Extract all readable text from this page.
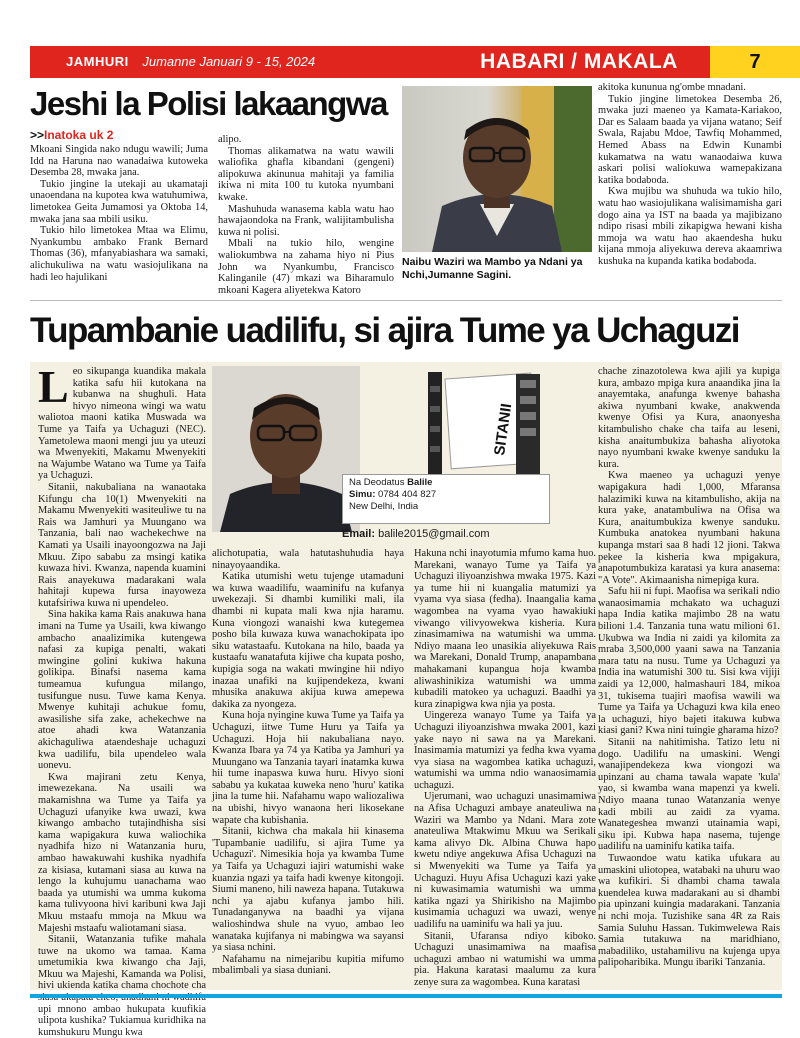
JAMHURI Jumanne Januari 9 - 15, 2024	HABARI / MAKALA	7
Jeshi la Polisi lakaangwa
>>Inatoka uk 2

Mkoani Singida nako ndugu wawili; Juma Idd na Haruna nao wanadaiwa kutoweka Desemba 28, mwaka jana.

Tukio jingine la utekaji au ukamataji unaoendana na kupotea kwa watuhumiwa, limetokea Geita Jumamosi ya Oktoba 14, mwaka jana saa mbili usiku.

Tukio hilo limetokea Mtaa wa Elimu, Nyankumbu ambako Frank Bernard Thomas (36), mfanyabiashara wa samaki, alichukuliwa na watu wasiojulikana na hadi leo hajulikani

alipo.

Thomas alikamatwa na watu wawili waliofika ghafla kibandani (gengeni) alipokuwa akinunua mahitaji ya familia ikiwa ni mita 100 tu kutoka nyumbani kwake.

Mashuhuda wanasema kabla watu hao hawajaondoka na Frank, walijitambulisha kuwa ni polisi.

Mbali na tukio hilo, wengine waliokumbwa na zahama hiyo ni Pius John wa Nyankumbu, Francisco Kalinganile (47) mkazi wa Biharamulo mkoani Kagera aliyetekwa Katoro

Naibu Waziri wa Mambo ya Ndani ya Nchi,Jumanne Sagini.

akitoka kununua ng'ombe mnadani.

Tukio jingine limetokea Desemba 26, mwaka juzi maeneo ya Kamata-Kariakoo, Dar es Salaam baada ya vijana watano; Seif Swala, Rajabu Mdoe, Tawfiq Mohammed, Hemed Abass na Edwin Kunambi kukamatwa na watu wanaodaiwa kuwa askari polisi waliokuwa wamepakizana katika bodaboda.

Kwa mujibu wa shuhuda wa tukio hilo, watu hao wasiojulikana walisimamisha gari dogo aina ya IST na baada ya majibizano ndipo risasi mbili zikapigwa hewani kisha mmoja wa watu hao akaendesha huku kijana mmoja aliyekuwa dereva akaamriwa kushuka na kupanda katika bodaboda.

Tupambanie uadilifu, si ajira Tume ya Uchaguzi

Leo sikupanga kuandika makala katika safu hii kutokana na kubanwa na shughuli. Hata hivyo nimeona wingi wa watu waliotoa maoni katika Muswada wa Tume ya Taifa ya Uchaguzi (NEC). Yametolewa maoni mengi juu ya uteuzi wa Mwenyekiti, Makamu Mwenyekiti na Wajumbe Watano wa Tume ya Taifa ya Uchaguzi.

Sitanii, nakubaliana na wanaotaka Kifungu cha 10(1) Mwenyekiti na Makamu Mwenyekiti wasiteuliwe tu na Rais wa Jamhuri ya Muungano wa Tanzania, bali nao wachekechwe na Kamati ya Usaili inayoongozwa na Jaji Mkuu. Zipo sababu za msingi katika kuwaza hivi. Kwanza, napenda kuamini Rais anayekuwa madarakani wala hahitaji kupewa fursa inayoweza kutafsiriwa kuwa ni upendeleo.

Sina hakika kama Rais anakuwa hana imani na Tume ya Usaili, kwa kiwango ambacho anaalizimika kutengewa nafasi za kupiga penalti, wakati mwingine golini kukiwa hakuna golikipa. Binafsi nasema kama tumeamua kufungua milango, tusifungue nusu. Tuwe kama Kenya. Mwenye kuhitaji achukue fomu, awasilishe sifa zake, achekechwe na atoe ahadi kwa Watanzania akichaguliwa ataendeshaje uchaguzi kwa uadilifu, bila upendeleo wala uonevu.

Kwa majirani zetu Kenya, imewezekana. Na usaili wa makamishna wa Tume ya Taifa ya Uchaguzi ufanyike kwa uwazi, kwa kiwango ambacho tutajindhisha sisi kama wapigakura kuwa waliochika nyadhifa hizo ni Watanzania huru, ambao hawakuwahi kushika nyadhifa za kisiasa, kutamani siasa au kuwa na lengo la kuhujumu uanachama wao baada ya utumishi wa umma kukoma kama tulivyoona hivi karibuni kwa Jaji Mkuu mstaafu mmoja na Mkuu wa Majeshi mstaafu waliotamani siasa.

Sitanii, Watanzania tufike mahala tuwe na ukomo wa tamaa. Kama umetumikia kwa kiwango cha Jaji, Mkuu wa Majeshi, Kamanda wa Polisi, hivi ukienda katika chama chochote cha upi mnono ambao hukupata kuufikia ulipota kushika? Tukiamua kuridhika na kumshukuru Mungu kwa

SITANII
Na Deodatus Balile
Simu: 0784 404 827
New Delhi, India
Email: balile2015@gmail.com

alichotupatia, wala hatutashuhudia haya ninayoyaandika.

Katika utumishi wetu tujenge utamaduni wa kuwa waadilifu, waaminifu na kufanya uwekezaji. Si dhambi kumiliki mali, ila dhambi ni kupata mali kwa njia haramu. Kuna viongozi wanaishi kwa kutegemea posho bila kuwaza kuwa wanachokipata ipo siku watastaafu. Kutokana na hilo, baada ya kustaafu wanatafuta kijiwe cha kupata posho, kupigia soga na wakati mwingine hii ndiyo inazaa unafiki na kujipendekeza, kwani mhusika anakuwa akijua kuwa amepewa dakika za nyongeza.

Kuna hoja nyingine kuwa Tume ya Taifa ya Uchaguzi, iitwe Tume Huru ya Taifa ya Uchaguzi. Hoja hii nakubaliana nayo. Kwanza Ibara ya 74 ya Katiba ya Jamhuri ya Muungano wa Tanzania tayari inatamka kuwa hii tume inapaswa kuwa huru. Hivyo sioni sababu ya kukataa kuweka neno 'huru' katika jina la tume hii. Nafahamu wapo waliozaliwa na ubishi, hivyo wanaona heri likosekane wapate cha kubishania.

Sitanii, kichwa cha makala hii kinasema 'Tupambanie uadilifu, si ajira Tume ya Uchaguzi'. Nimesikia hoja ya kwamba Tume ya Taifa ya Uchaguzi iajiri watumishi wake kuanzia ngazi ya taifa hadi kwenye kitongoji. Siumi maneno, hili naweza hapana. Tutakuwa nchi ya ajabu kufanya jambo hili. Tunadanganywa na baadhi ya vijana walioshindwa shule na vyuo, ambao leo wanataka kujifanya ni mabingwa wa sayansi ya siasa nchini.

Nafahamu na nimejaribu kupitia mifumo mbalimbali ya siasa duniani.

Hakuna nchi inayotumia mfumo kama huo. Marekani, wanayo Tume ya Taifa ya Uchaguzi iliyoanzishwa mwaka 1975. Kazi ya tume hii ni kuangalia matumizi ya vyama vya siasa (fedha). Inaangalia kama wagombea na vyama vyao hawakiuki viwango vilivyowekwa kisheria. Kura zinasimamiwa na watumishi wa umma. Ndiyo maana leo unasikia aliyekuwa Rais wa Marekani, Donald Trump, anapambana mahakamani kupangua hoja kwamba aliwashinikiza watumishi wa umma kubadili matokeo ya uchaguzi. Baadhi ya kura zinapigwa kwa njia ya posta.

Uingereza wanayo Tume ya Taifa ya Uchaguzi iliyoanzishwa mwaka 2001, kazi yake nayo ni sawa na ya Marekani. Inasimamia matumizi ya fedha kwa vyama vya siasa na wagombea katika uchaguzi, watumishi wa umma ndio wanaosimamia uchaguzi.

Ujerumani, wao uchaguzi unasimamiwa na Afisa Uchaguzi ambaye anateuliwa na Waziri wa Mambo ya Ndani. Mara zote anateuliwa Mtakwimu Mkuu wa Serikali kama alivyo Dk. Albina Chuwa hapo kwetu ndiye angekuwa Afisa Uchaguzi na si Mwenyekiti wa Tume ya Taifa ya Uchaguzi. Huyu Afisa Uchaguzi kazi yake ni kuwasimamia watumishi wa umma katika ngazi ya Shirikisho na Majimbo kusimamia uchaguzi wa uwazi, wenye uadilifu na uaminifu wa hali ya juu.

Sitanii, Ufaransa ndiyo kiboko. Uchaguzi unasimamiwa na maafisa uchaguzi ambao ni watumishi wa umma pia. Hakuna karatasi maalumu za kura zenye sura za wagombea. Kuna karatasi

chache zinazotolewa kwa ajili ya kupiga kura, ambazo mpiga kura anaandika jina la anayemtaka, anafunga kwenye bahasha akiwa nyumbani kwake, anakwenda kwenye Ofisi ya Kura, anaonyesha kitambulisho chake cha taifa au leseni, kisha anaitumbukiza bahasha aliyotoka nayo nyumbani kwake kwenye sanduku la kura.

Kwa maeneo ya uchaguzi yenye wapigakura hadi 1,000, Mfaransa halazimiki kuwa na kitambulisho, akija na kura yake, anatambuliwa na Ofisa wa Kura, anaitumbukiza kwenye sanduku. Kumbuka anatokea nyumbani hakuna kupanga mstari saa 8 hadi 12 jioni. Takwa pekee la kisheria kwa mpigakura, anapotumbukiza karatasi ya kura anasema: "A Vote". Akimaanisha nimepiga kura.

Safu hii ni fupi. Maofisa wa serikali ndio wanaosimamia mchakato wa uchaguzi hapa India katika majimbo 28 na watu bilioni 1.4. Tanzania tuna watu milioni 61. Ukubwa wa India ni zaidi ya kilomita za mraba 3,500,000 yaani sawa na Tanzania mara tatu na nusu. Tume ya Uchaguzi ya India ina watumishi 300 tu. Sisi kwa vijiji zaidi ya 12,000, halmashauri 184, mikoa 31, tukisema tuajiri maofisa wawili wa Tume ya Taifa ya Uchaguzi kwa kila eneo la uchaguzi, hiyo bajeti itakuwa kubwa kiasi gani? Kwa nini tuingie gharama hizo?

Sitanii na nahitimisha. Tatizo letu ni dogo. Uadilifu na umaskini. Wengi wanajipendekeza kwa viongozi wa upinzani au chama tawala wapate 'kula' yao, si kwamba wana mapenzi ya kweli. Ndiyo maana tunao Watanzania wenye kadi mbili au zaidi za vyama. Wanategeshea mwanzi utainamia wapi, siku ipi. Kubwa hapa nasema, tujenge uadilifu na uaminifu katika taifa.

Tuwaondoe watu katika ufukara au umaskini uliotopea, watabaki na uhuru wao wa kufikiri. Si dhambi chama tawala kuendelea kuwa madarakani au si dhambi pia upinzani kuingia madarakani. Tanzania ni nchi moja. Tuzishike sana 4R za Rais Samia Suluhu Hassan. Tukimwelewa Rais Samia tutakuwa na maridhiano, mabadiliko, ustahamilivu na kujenga upya palipoharibika. Mungu ibariki Tanzania.
